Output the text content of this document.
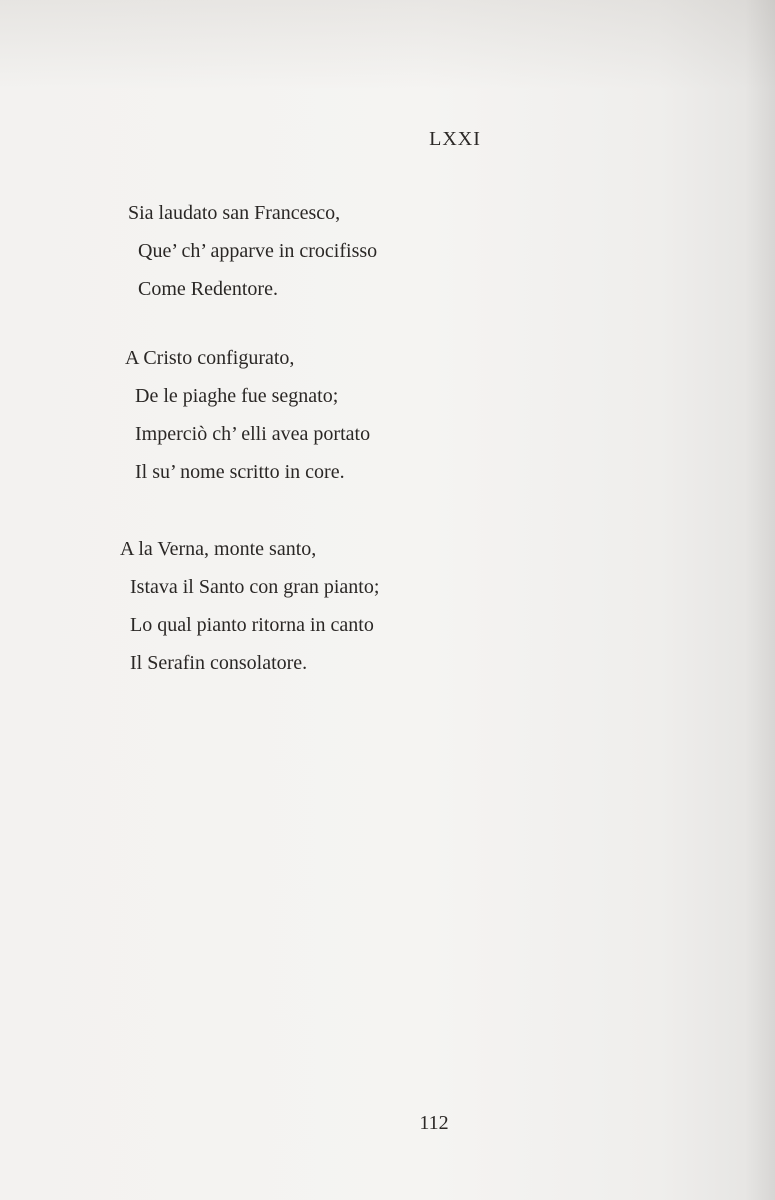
LXXI
Sia laudato san Francesco,
Que’ ch’ apparve in crocifisso
Come Redentore.
A Cristo configurato,
De le piaghe fue segnato;
Imperciò ch’ elli avea portato
Il su’ nome scritto in core.
A la Verna, monte santo,
Istava il Santo con gran pianto;
Lo qual pianto ritorna in canto
Il Serafin consolatore.
112
